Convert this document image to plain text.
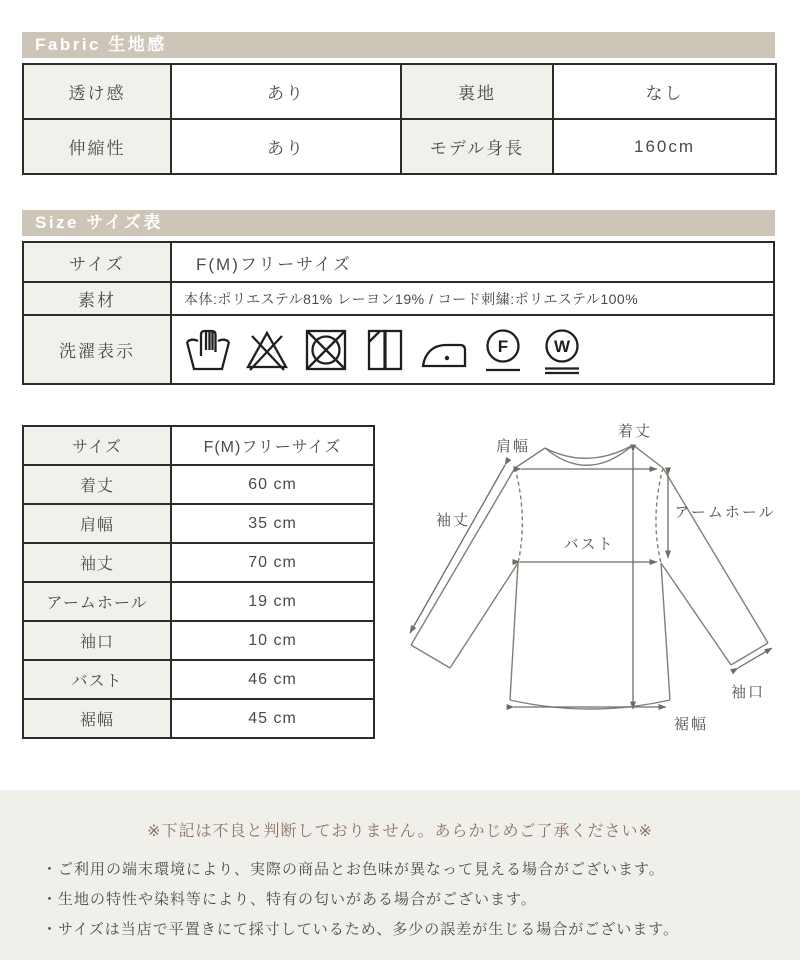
Fabric 生地感
透け感	あり	裏地	なし
伸縮性	あり	モデル身長	160cm
Size サイズ表
サイズ	F(M)フリーサイズ
素材	本体:ポリエステル81% レーヨン19% / コード刺繍:ポリエステル100%
洗濯表示	F W
サイズ	F(M)フリーサイズ
着丈	60 cm
肩幅	35 cm
袖丈	70 cm
アームホール	19 cm
袖口	10 cm
バスト	46 cm
裾幅	45 cm
肩幅
着丈
袖丈
バスト
アームホール
袖口
裾幅

※下記は不良と判断しておりません。あらかじめご了承ください※

・ご利用の端末環境により、実際の商品とお色味が異なって見える場合がございます。

・生地の特性や染料等により、特有の匂いがある場合がございます。

・サイズは当店で平置きにて採寸しているため、多少の誤差が生じる場合がございます。
